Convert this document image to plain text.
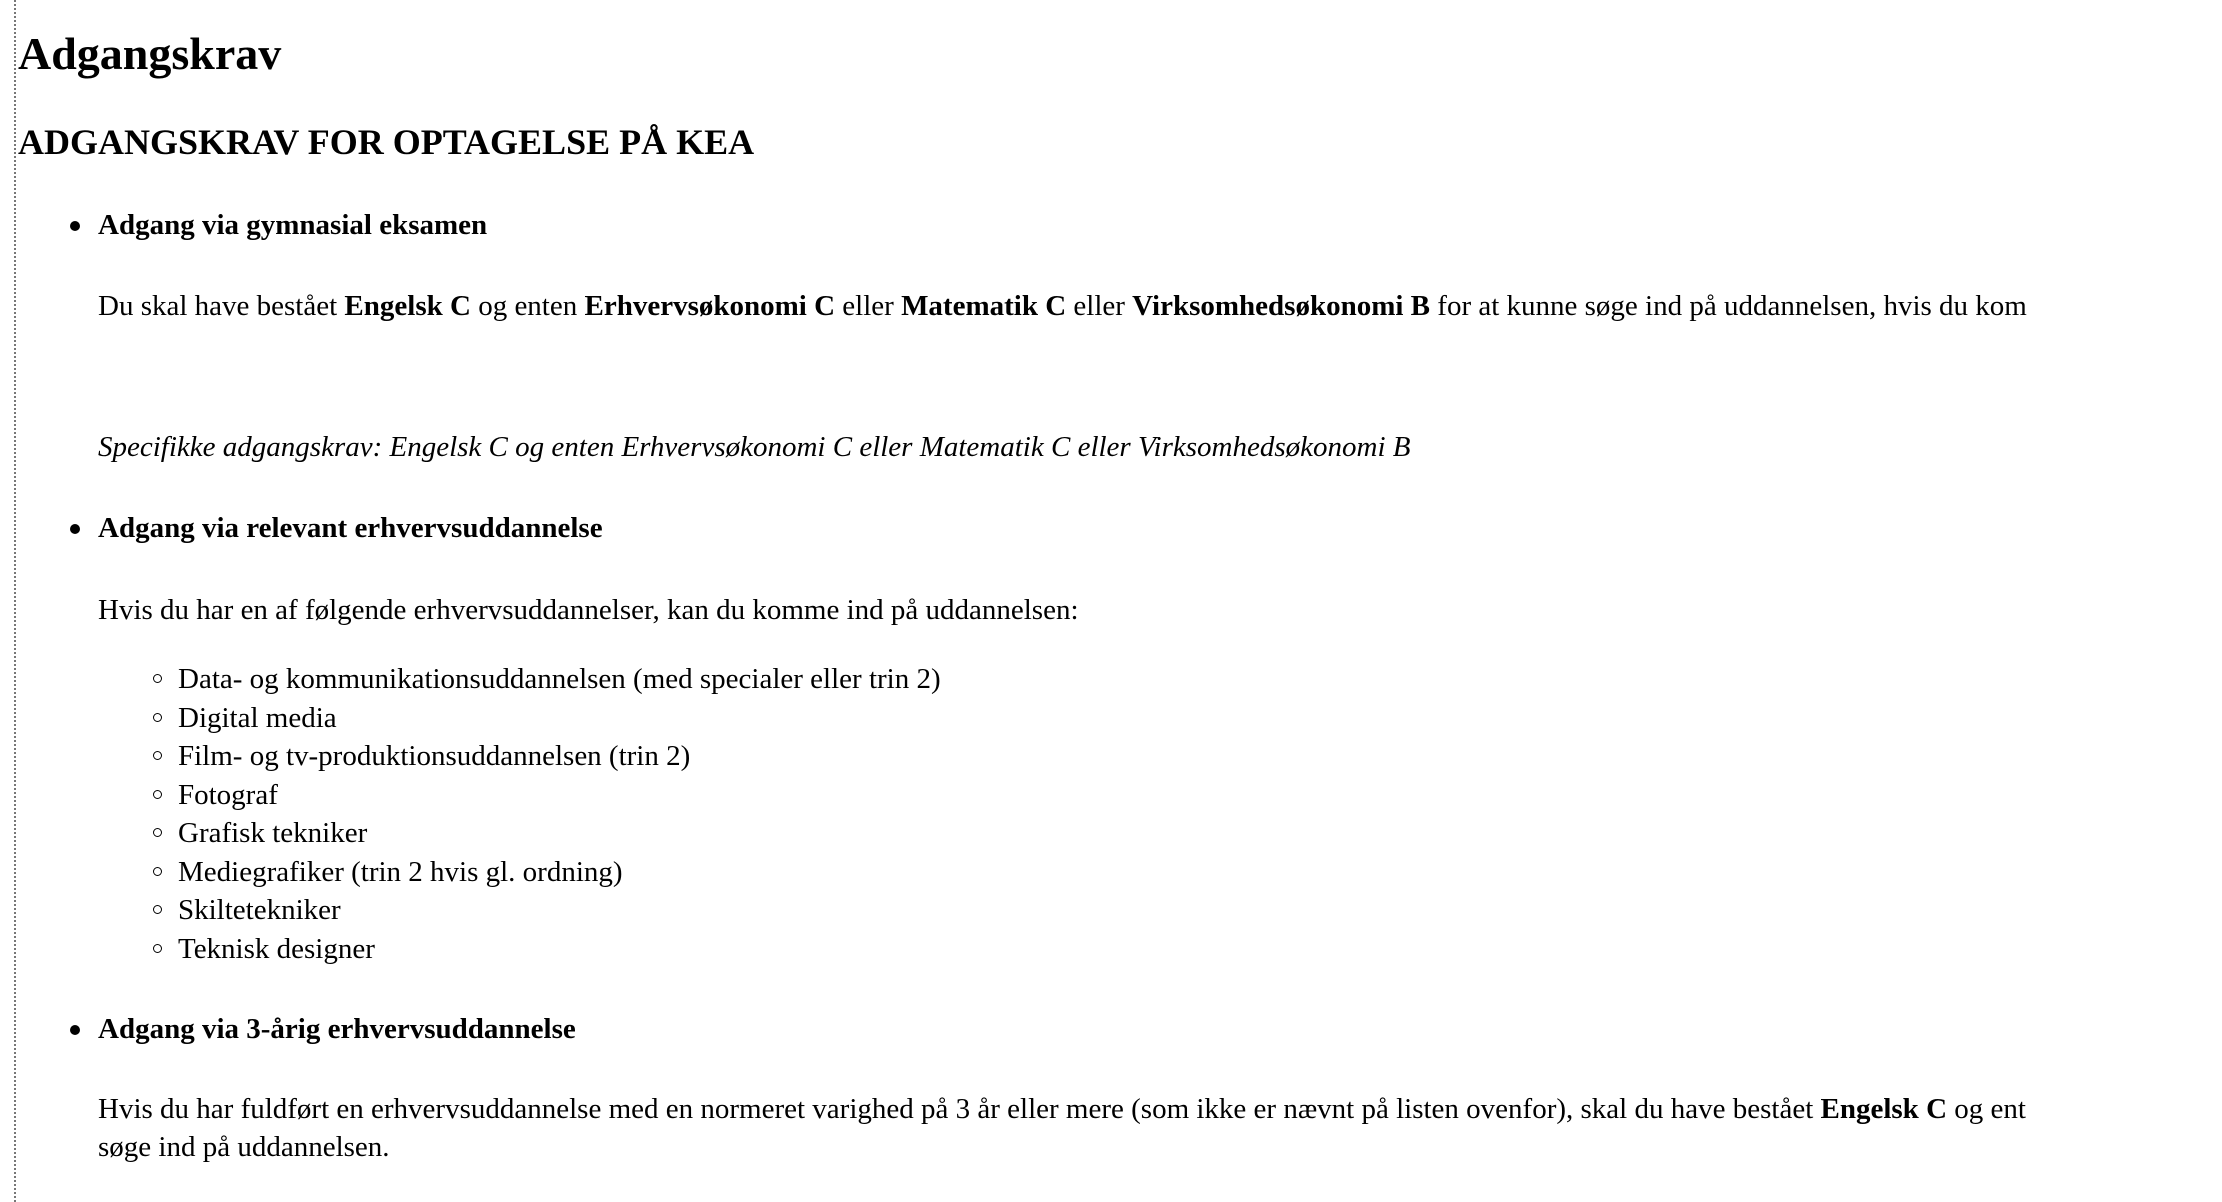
Adgangskrav
ADGANGSKRAV FOR OPTAGELSE PÅ KEA
Adgang via gymnasial eksamen
Du skal have bestået Engelsk C og enten Erhvervsøkonomi C eller Matematik C eller Virksomhedsøkonomi B for at kunne søge ind på uddannelsen, hvis du kom
Specifikke adgangskrav: Engelsk C og enten Erhvervsøkonomi C eller Matematik C eller Virksomhedsøkonomi B
Adgang via relevant erhvervsuddannelse
Hvis du har en af følgende erhvervsuddannelser, kan du komme ind på uddannelsen:
Data- og kommunikationsuddannelsen (med specialer eller trin 2)
Digital media
Film- og tv-produktionsuddannelsen (trin 2)
Fotograf
Grafisk tekniker
Mediegrafiker (trin 2 hvis gl. ordning)
Skiltetekniker
Teknisk designer
Adgang via 3-årig erhvervsuddannelse
Hvis du har fuldført en erhvervsuddannelse med en normeret varighed på 3 år eller mere (som ikke er nævnt på listen ovenfor), skal du have bestået Engelsk C og ent
søge ind på uddannelsen.
